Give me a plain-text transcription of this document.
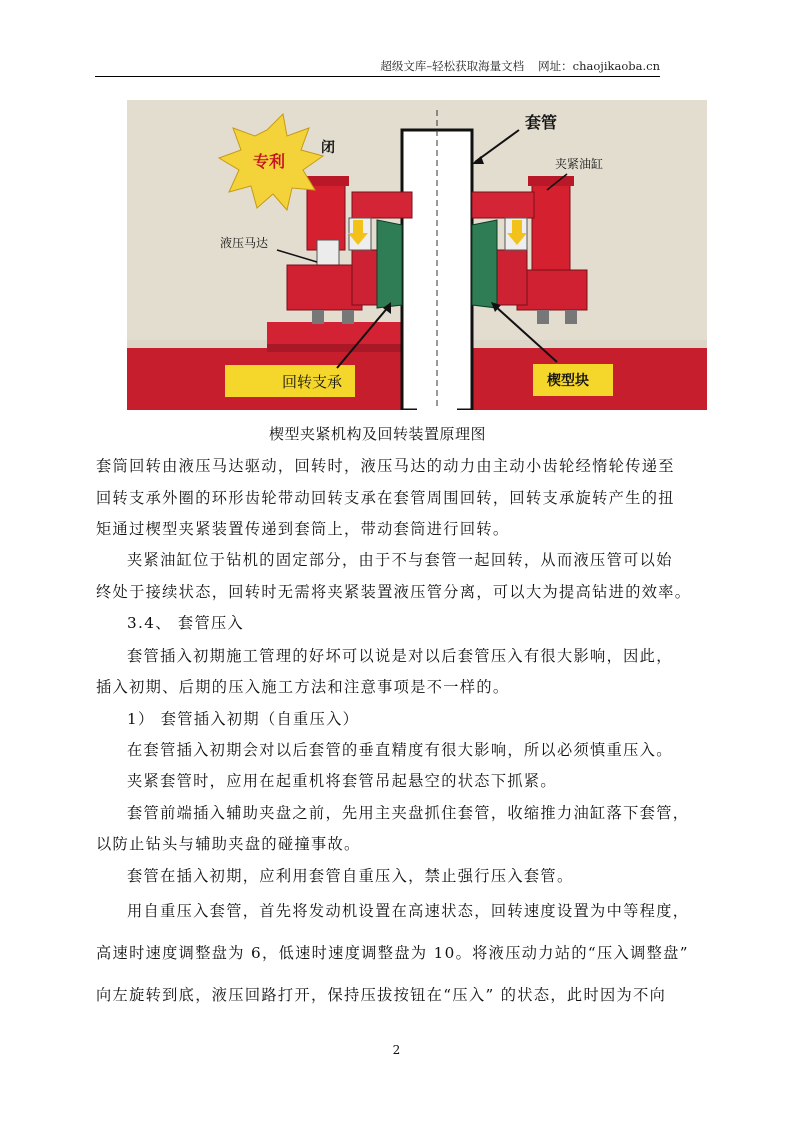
超级文库–轻松获取海量文档 网址：chaojikaoba.cn
专利
闭
套管
夹紧油缸
液压马达
回转支承	楔型块
楔型夹紧机构及回转装置原理图
套筒回转由液压马达驱动，回转时，液压马达的动力由主动小齿轮经惰轮传递至
回转支承外圈的环形齿轮带动回转支承在套管周围回转，回转支承旋转产生的扭
矩通过楔型夹紧装置传递到套筒上，带动套筒进行回转。
夹紧油缸位于钻机的固定部分，由于不与套管一起回转，从而液压管可以始
终处于接续状态，回转时无需将夹紧装置液压管分离，可以大为提高钻进的效率。
3.4、 套管压入
套管插入初期施工管理的好坏可以说是对以后套管压入有很大影响，因此，
插入初期、后期的压入施工方法和注意事项是不一样的。
1） 套管插入初期（自重压入）
在套管插入初期会对以后套管的垂直精度有很大影响，所以必须慎重压入。
夹紧套管时，应用在起重机将套管吊起悬空的状态下抓紧。
套管前端插入辅助夹盘之前，先用主夹盘抓住套管，收缩推力油缸落下套管，
以防止钻头与辅助夹盘的碰撞事故。
套管在插入初期，应利用套管自重压入，禁止强行压入套管。
用自重压入套管，首先将发动机设置在高速状态，回转速度设置为中等程度，
高速时速度调整盘为 6，低速时速度调整盘为 10。将液压动力站的“压入调整盘”
向左旋转到底，液压回路打开，保持压拔按钮在“压入” 的状态，此时因为不向
2
